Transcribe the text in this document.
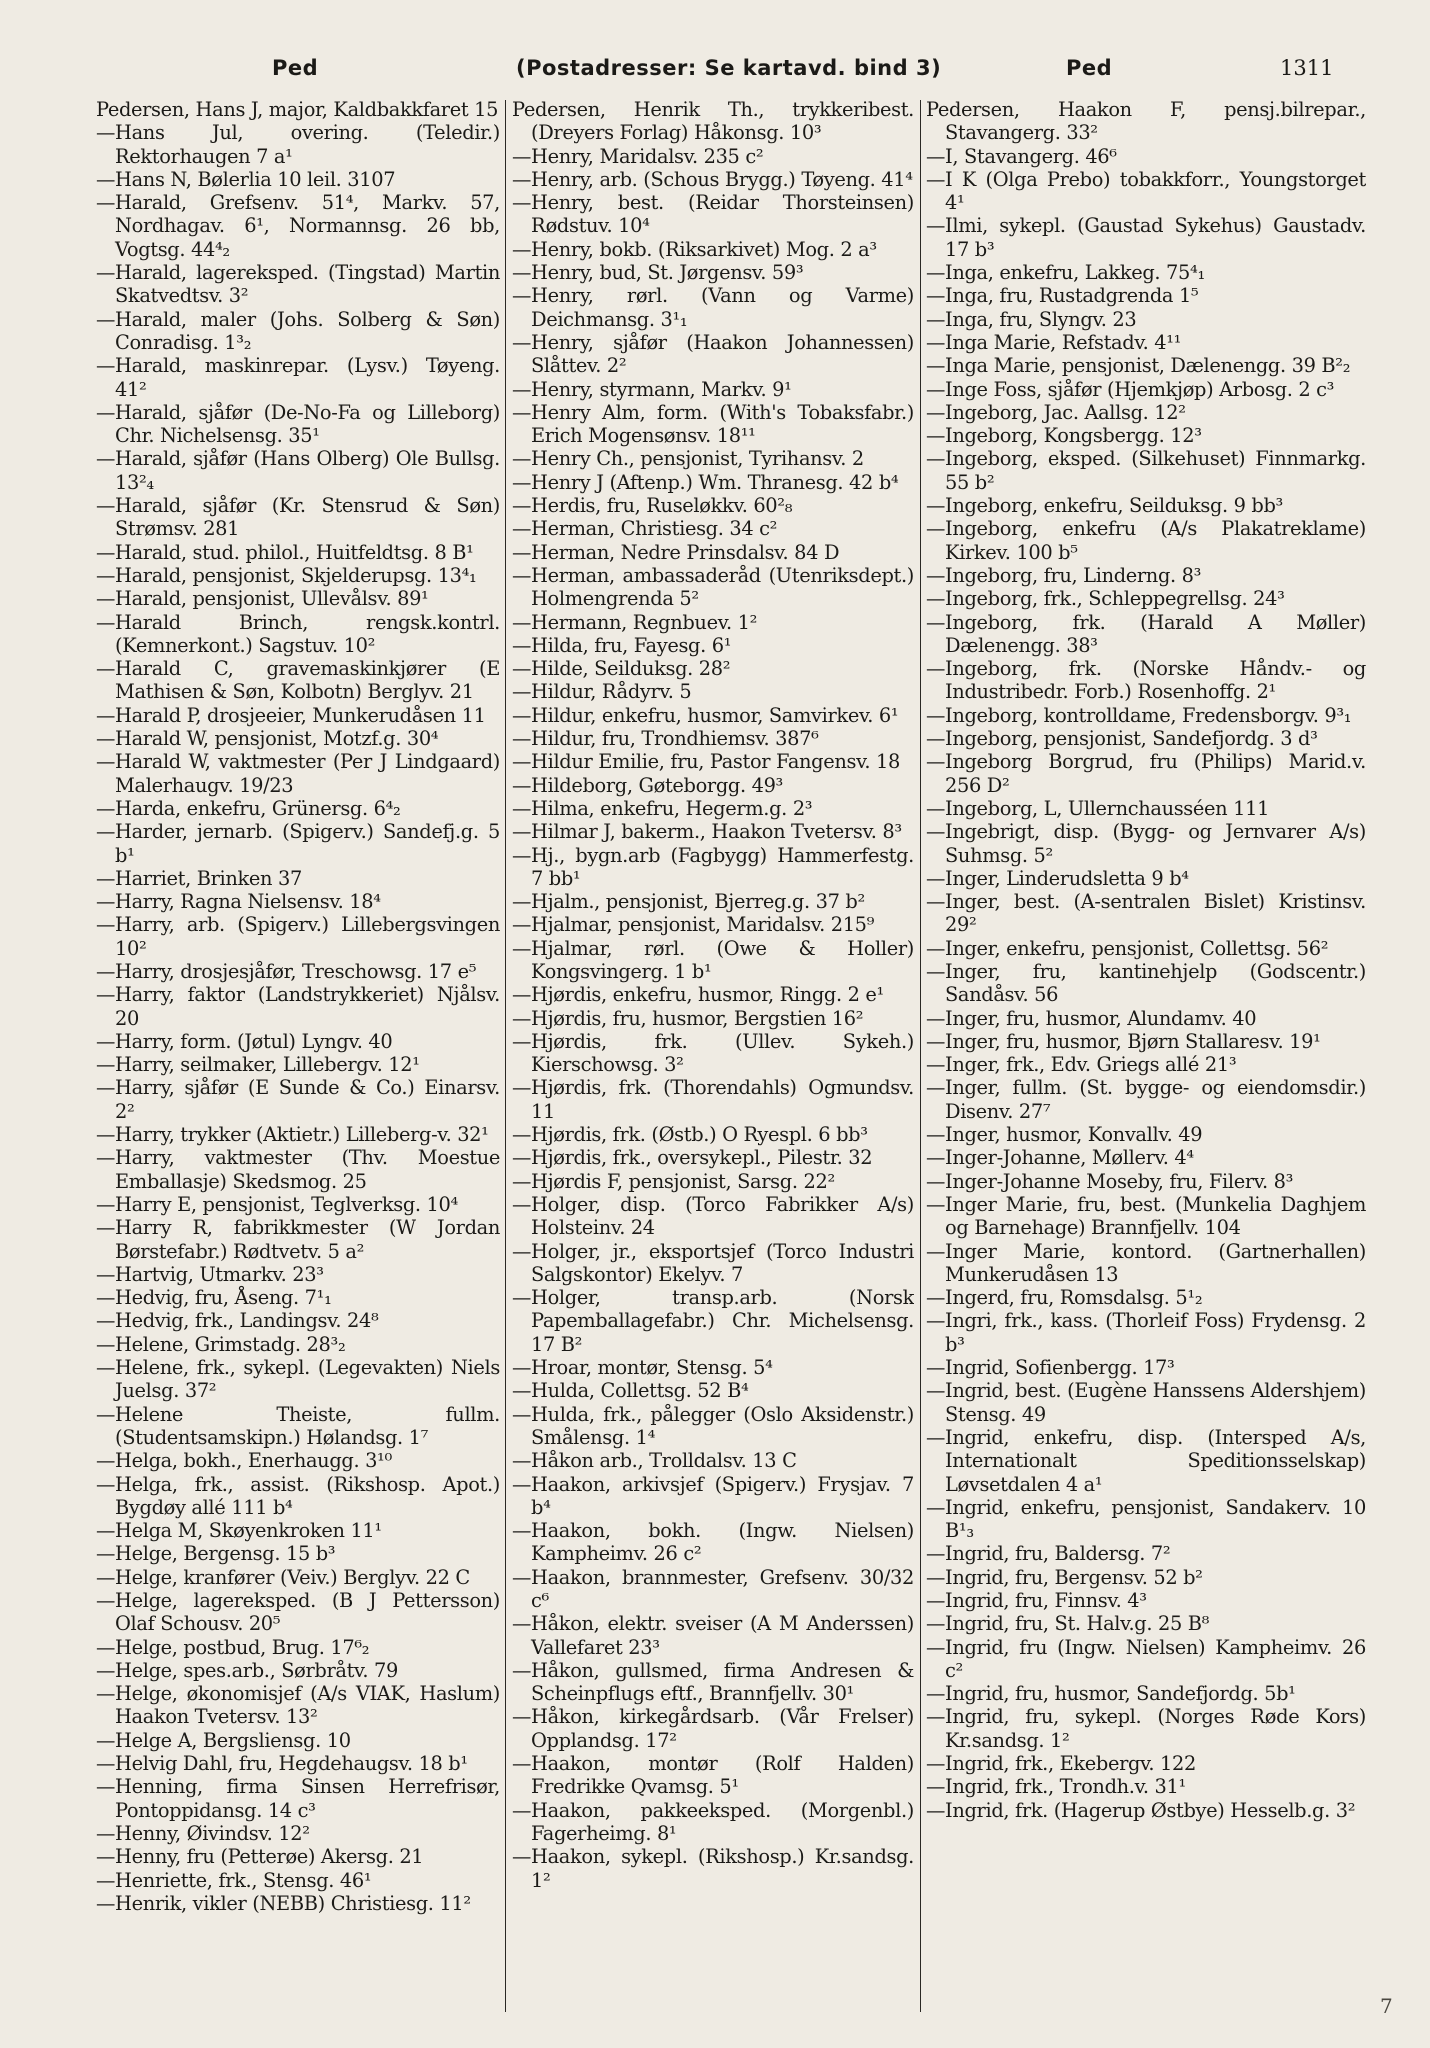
Ped	(Postadresser: Se kartavd. bind 3)	Ped	1311
Pedersen, Hans J, major, Kaldbakkfaret 15
—Hans Jul, overing. (Teledir.) Rektorhaugen 7 a¹
—Hans N, Bølerlia 10 leil. 3107
—Harald, Grefsenv. 51⁴, Markv. 57, Nordhagav. 6¹, Normannsg. 26 bb, Vogtsg. 44⁴₂
—Harald, lagereksped. (Tingstad) Martin Skatvedtsv. 3²
—Harald, maler (Johs. Solberg & Søn) Conradisg. 1³₂
—Harald, maskinrepar. (Lysv.) Tøyeng. 41²
—Harald, sjåfør (De-No-Fa og Lilleborg) Chr. Nichelsensg. 35¹
—Harald, sjåfør (Hans Olberg) Ole Bullsg. 13²₄
—Harald, sjåfør (Kr. Stensrud & Søn) Strømsv. 281
—Harald, stud. philol., Huitfeldtsg. 8 B¹
—Harald, pensjonist, Skjelderupsg. 13⁴₁
—Harald, pensjonist, Ullevålsv. 89¹
—Harald Brinch, rengsk.kontrl. (Kemnerkont.) Sagstuv. 10²
—Harald C, gravemaskinkjører (E Mathisen & Søn, Kolbotn) Berglyv. 21
—Harald P, drosjeeier, Munkerudåsen 11
—Harald W, pensjonist, Motzf.g. 30⁴
—Harald W, vaktmester (Per J Lindgaard) Malerhaugv. 19/23
—Harda, enkefru, Grünersg. 6⁴₂
—Harder, jernarb. (Spigerv.) Sandefj.g. 5 b¹
—Harriet, Brinken 37
—Harry, Ragna Nielsensv. 18⁴
—Harry, arb. (Spigerv.) Lillebergsvingen 10²
—Harry, drosjesjåfør, Treschowsg. 17 e⁵
—Harry, faktor (Landstrykkeriet) Njålsv. 20
—Harry, form. (Jøtul) Lyngv. 40
—Harry, seilmaker, Lillebergv. 12¹
—Harry, sjåfør (E Sunde & Co.) Einarsv. 2²
—Harry, trykker (Aktietr.) Lilleberg-v. 32¹
—Harry, vaktmester (Thv. Moestue Emballasje) Skedsmog. 25
—Harry E, pensjonist, Teglverksg. 10⁴
—Harry R, fabrikkmester (W Jordan Børstefabr.) Rødtvetv. 5 a²
—Hartvig, Utmarkv. 23³
—Hedvig, fru, Åseng. 7¹₁
—Hedvig, frk., Landingsv. 24⁸
—Helene, Grimstadg. 28³₂
—Helene, frk., sykepl. (Legevakten) Niels Juelsg. 37²
—Helene Theiste, fullm. (Studentsamskipn.) Hølandsg. 1⁷
—Helga, bokh., Enerhaugg. 3¹⁰
—Helga, frk., assist. (Rikshosp. Apot.) Bygdøy allé 111 b⁴
—Helga M, Skøyenkroken 11¹
—Helge, Bergensg. 15 b³
—Helge, kranfører (Veiv.) Berglyv. 22 C
—Helge, lagereksped. (B J Pettersson) Olaf Schousv. 20⁵
—Helge, postbud, Brug. 17⁶₂
—Helge, spes.arb., Sørbråtv. 79
—Helge, økonomisjef (A/s VIAK, Haslum) Haakon Tvetersv. 13²
—Helge A, Bergsliensg. 10
—Helvig Dahl, fru, Hegdehaugsv. 18 b¹
—Henning, firma Sinsen Herrefrisør, Pontoppidansg. 14 c³
—Henny, Øivindsv. 12²
—Henny, fru (Petterøe) Akersg. 21
—Henriette, frk., Stensg. 46¹
—Henrik, vikler (NEBB) Christiesg. 11²
Pedersen, Henrik Th., trykkeribest. (Dreyers Forlag) Håkonsg. 10³
—Henry, Maridalsv. 235 c²
—Henry, arb. (Schous Brygg.) Tøyeng. 41⁴
—Henry, best. (Reidar Thorsteinsen) Rødstuv. 10⁴
—Henry, bokb. (Riksarkivet) Mog. 2 a³
—Henry, bud, St. Jørgensv. 59³
—Henry, rørl. (Vann og Varme) Deichmansg. 3¹₁
—Henry, sjåfør (Haakon Johannessen) Slåttev. 2²
—Henry, styrmann, Markv. 9¹
—Henry Alm, form. (With's Tobaksfabr.) Erich Mogensønsv. 18¹¹
—Henry Ch., pensjonist, Tyrihansv. 2
—Henry J (Aftenp.) Wm. Thranesg. 42 b⁴
—Herdis, fru, Ruseløkkv. 60²₈
—Herman, Christiesg. 34 c²
—Herman, Nedre Prinsdalsv. 84 D
—Herman, ambassaderåd (Utenriksdept.) Holmengrenda 5²
—Hermann, Regnbuev. 1²
—Hilda, fru, Fayesg. 6¹
—Hilde, Seilduksg. 28²
—Hildur, Rådyrv. 5
—Hildur, enkefru, husmor, Samvirkev. 6¹
—Hildur, fru, Trondhiemsv. 387⁶
—Hildur Emilie, fru, Pastor Fangensv. 18
—Hildeborg, Gøteborgg. 49³
—Hilma, enkefru, Hegerm.g. 2³
—Hilmar J, bakerm., Haakon Tvetersv. 8³
—Hj., bygn.arb (Fagbygg) Hammerfestg. 7 bb¹
—Hjalm., pensjonist, Bjerreg.g. 37 b²
—Hjalmar, pensjonist, Maridalsv. 215⁹
—Hjalmar, rørl. (Owe & Holler) Kongsvingerg. 1 b¹
—Hjørdis, enkefru, husmor, Ringg. 2 e¹
—Hjørdis, fru, husmor, Bergstien 16²
—Hjørdis, frk. (Ullev. Sykeh.) Kierschowsg. 3²
—Hjørdis, frk. (Thorendahls) Ogmundsv. 11
—Hjørdis, frk. (Østb.) O Ryespl. 6 bb³
—Hjørdis, frk., oversykepl., Pilestr. 32
—Hjørdis F, pensjonist, Sarsg. 22²
—Holger, disp. (Torco Fabrikker A/s) Holsteinv. 24
—Holger, jr., eksportsjef (Torco Industri Salgskontor) Ekelyv. 7
—Holger, transp.arb. (Norsk Papemballagefabr.) Chr. Michelsensg. 17 B²
—Hroar, montør, Stensg. 5⁴
—Hulda, Collettsg. 52 B⁴
—Hulda, frk., pålegger (Oslo Aksidenstr.) Smålensg. 1⁴
—Håkon arb., Trolldalsv. 13 C
—Haakon, arkivsjef (Spigerv.) Frysjav. 7 b⁴
—Haakon, bokh. (Ingw. Nielsen) Kampheimv. 26 c²
—Haakon, brannmester, Grefsenv. 30/32 c⁶
—Håkon, elektr. sveiser (A M Anderssen) Vallefaret 23³
—Håkon, gullsmed, firma Andresen & Scheinpflugs eftf., Brannfjellv. 30¹
—Håkon, kirkegårdsarb. (Vår Frelser) Opplandsg. 17²
—Haakon, montør (Rolf Halden) Fredrikke Qvamsg. 5¹
—Haakon, pakkeeksped. (Morgenbl.) Fagerheimg. 8¹
—Haakon, sykepl. (Rikshosp.) Kr.sandsg. 1²
Pedersen, Haakon F, pensj.bilrepar., Stavangerg. 33²
—I, Stavangerg. 46⁶
—I K (Olga Prebo) tobakkforr., Youngstorget 4¹
—Ilmi, sykepl. (Gaustad Sykehus) Gaustadv. 17 b³
—Inga, enkefru, Lakkeg. 75⁴₁
—Inga, fru, Rustadgrenda 1⁵
—Inga, fru, Slyngv. 23
—Inga Marie, Refstadv. 4¹¹
—Inga Marie, pensjonist, Dælenengg. 39 B²₂
—Inge Foss, sjåfør (Hjemkjøp) Arbosg. 2 c³
—Ingeborg, Jac. Aallsg. 12²
—Ingeborg, Kongsbergg. 12³
—Ingeborg, eksped. (Silkehuset) Finnmarkg. 55 b²
—Ingeborg, enkefru, Seilduksg. 9 bb³
—Ingeborg, enkefru (A/s Plakatreklame) Kirkev. 100 b⁵
—Ingeborg, fru, Linderng. 8³
—Ingeborg, frk., Schleppegrellsg. 24³
—Ingeborg, frk. (Harald A Møller) Dælenengg. 38³
—Ingeborg, frk. (Norske Håndv.- og Industribedr. Forb.) Rosenhoffg. 2¹
—Ingeborg, kontrolldame, Fredensborgv. 9³₁
—Ingeborg, pensjonist, Sandefjordg. 3 d³
—Ingeborg Borgrud, fru (Philips) Marid.v. 256 D²
—Ingeborg, L, Ullernchausséen 111
—Ingebrigt, disp. (Bygg- og Jernvarer A/s) Suhmsg. 5²
—Inger, Linderudsletta 9 b⁴
—Inger, best. (A-sentralen Bislet) Kristinsv. 29²
—Inger, enkefru, pensjonist, Collettsg. 56²
—Inger, fru, kantinehjelp (Godscentr.) Sandåsv. 56
—Inger, fru, husmor, Alundamv. 40
—Inger, fru, husmor, Bjørn Stallaresv. 19¹
—Inger, frk., Edv. Griegs allé 21³
—Inger, fullm. (St. bygge- og eiendomsdir.) Disenv. 27⁷
—Inger, husmor, Konvallv. 49
—Inger-Johanne, Møllerv. 4⁴
—Inger-Johanne Moseby, fru, Filerv. 8³
—Inger Marie, fru, best. (Munkelia Daghjem og Barnehage) Brannfjellv. 104
—Inger Marie, kontord. (Gartnerhallen) Munkerudåsen 13
—Ingerd, fru, Romsdalsg. 5¹₂
—Ingri, frk., kass. (Thorleif Foss) Frydensg. 2 b³
—Ingrid, Sofienbergg. 17³
—Ingrid, best. (Eugène Hanssens Aldershjem) Stensg. 49
—Ingrid, enkefru, disp. (Intersped A/s, Internationalt Speditionsselskap) Løvsetdalen 4 a¹
—Ingrid, enkefru, pensjonist, Sandakerv. 10 B¹₃
—Ingrid, fru, Baldersg. 7²
—Ingrid, fru, Bergensv. 52 b²
—Ingrid, fru, Finnsv. 4³
—Ingrid, fru, St. Halv.g. 25 B⁸
—Ingrid, fru (Ingw. Nielsen) Kampheimv. 26 c²
—Ingrid, fru, husmor, Sandefjordg. 5b¹
—Ingrid, fru, sykepl. (Norges Røde Kors) Kr.sandsg. 1²
—Ingrid, frk., Ekebergv. 122
—Ingrid, frk., Trondh.v. 31¹
—Ingrid, frk. (Hagerup Østbye) Hesselb.g. 3²
7
